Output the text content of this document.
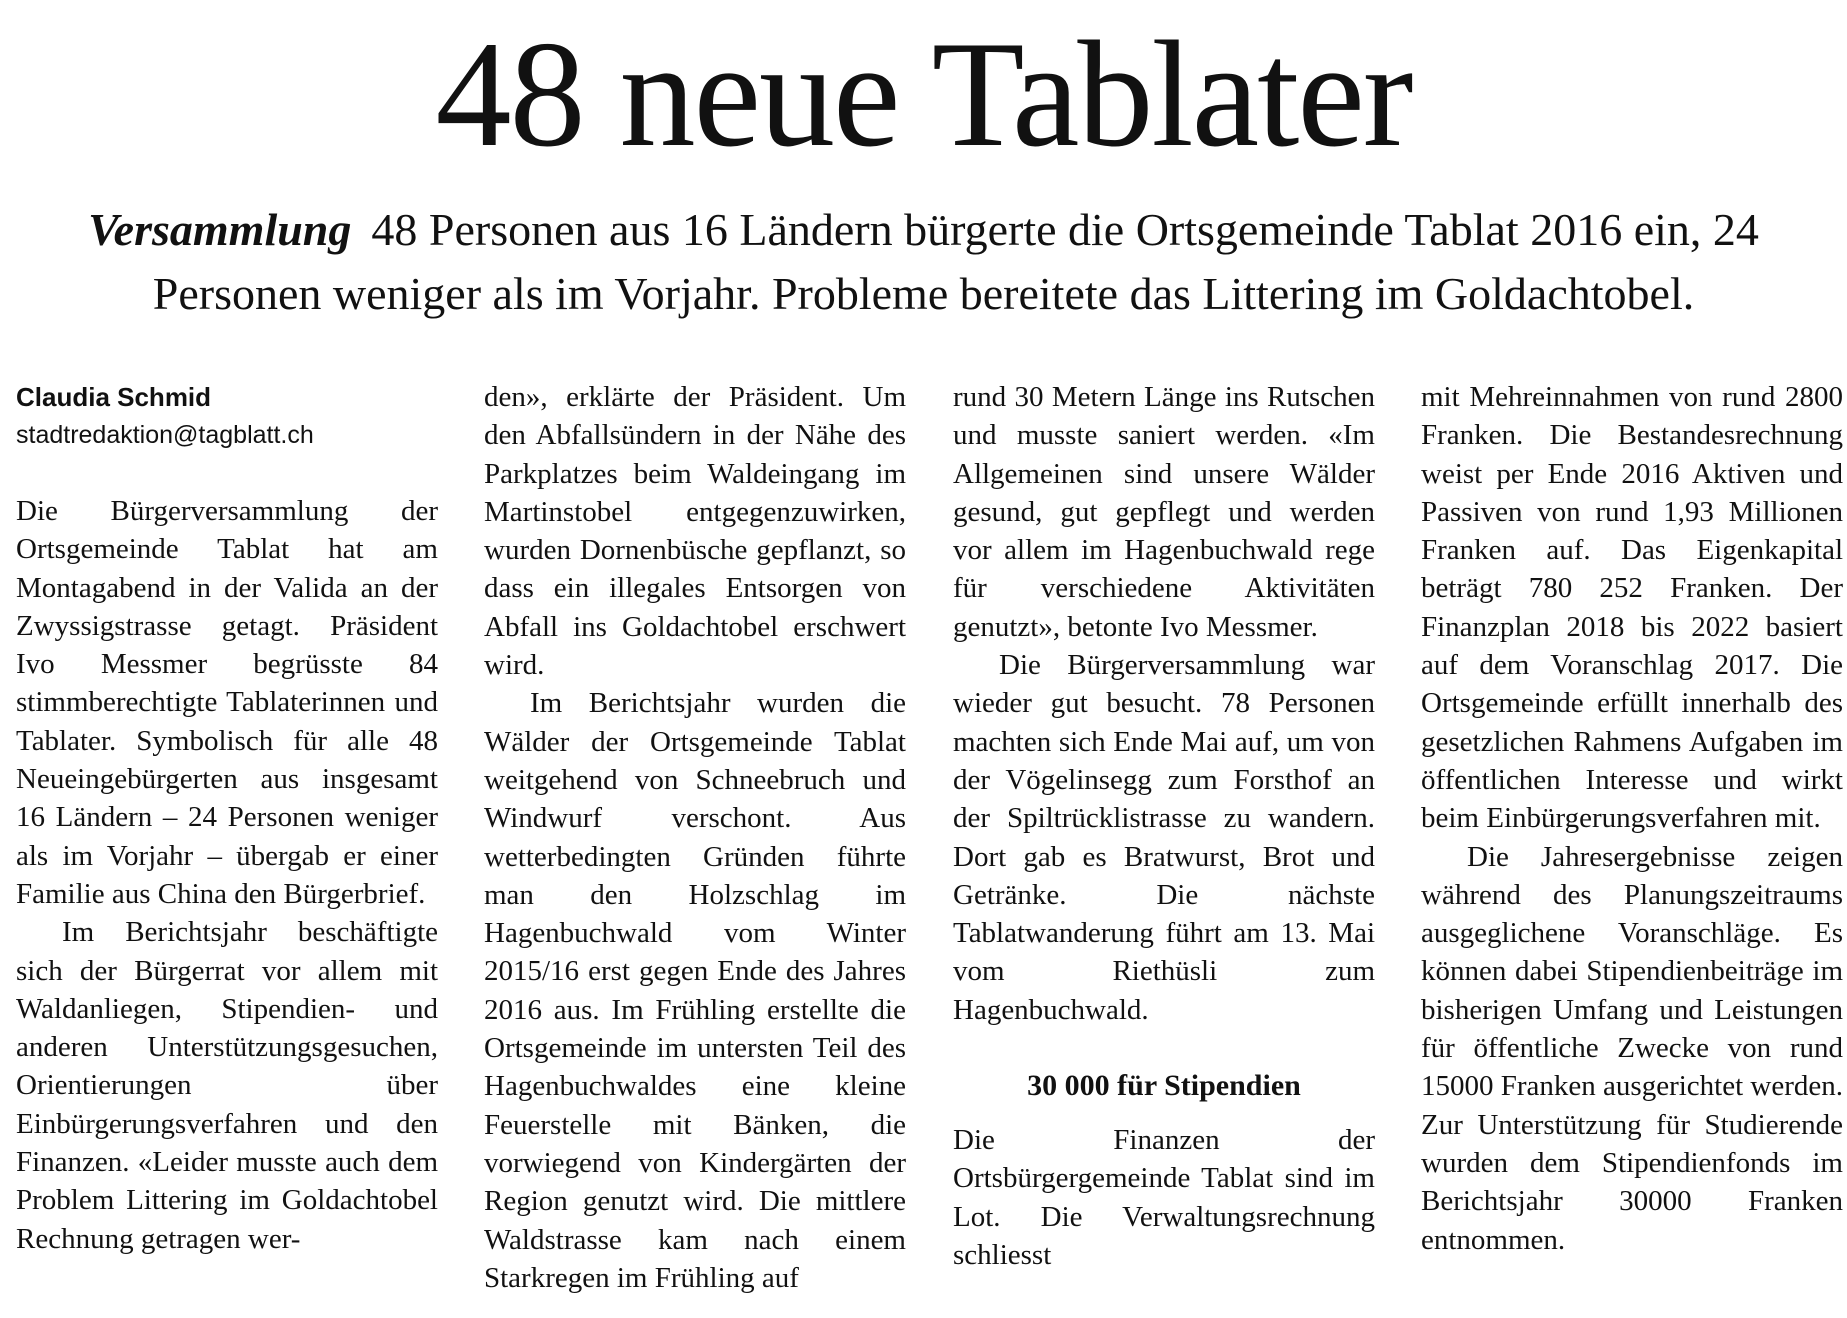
48 neue Tablater

Versammlung 48 Personen aus 16 Ländern bürgerte die Ortsgemeinde Tablat 2016 ein, 24 Personen weniger als im Vorjahr. Probleme bereitete das Littering im Goldachtobel.

Claudia Schmid

stadtredaktion@tagblatt.ch

Die Bürgerversammlung der Ortsgemeinde Tablat hat am Montagabend in der Valida an der Zwyssigstrasse getagt. Präsident Ivo Messmer begrüsste 84 stimmberechtigte Tablaterinnen und Tablater. Symbolisch für alle 48 Neueingebürgerten aus insgesamt 16 Ländern – 24 Personen weniger als im Vorjahr – übergab er einer Familie aus China den Bürgerbrief.

Im Berichtsjahr beschäftigte sich der Bürgerrat vor allem mit Waldanliegen, Stipendien- und anderen Unterstützungsgesuchen, Orientierungen über Einbürgerungsverfahren und den Finanzen. «Leider musste auch dem Problem Littering im Goldachtobel Rechnung getragen wer-

den», erklärte der Präsident. Um den Abfallsündern in der Nähe des Parkplatzes beim Waldeingang im Martinstobel entgegenzuwirken, wurden Dornenbüsche gepflanzt, so dass ein illegales Entsorgen von Abfall ins Goldachtobel erschwert wird.

Im Berichtsjahr wurden die Wälder der Ortsgemeinde Tablat weitgehend von Schneebruch und Windwurf verschont. Aus wetterbedingten Gründen führte man den Holzschlag im Hagenbuchwald vom Winter 2015/16 erst gegen Ende des Jahres 2016 aus. Im Frühling erstellte die Ortsgemeinde im untersten Teil des Hagenbuchwaldes eine kleine Feuerstelle mit Bänken, die vorwiegend von Kindergärten der Region genutzt wird. Die mittlere Waldstrasse kam nach einem Starkregen im Frühling auf

rund 30 Metern Länge ins Rutschen und musste saniert werden. «Im Allgemeinen sind unsere Wälder gesund, gut gepflegt und werden vor allem im Hagenbuchwald rege für verschiedene Aktivitäten genutzt», betonte Ivo Messmer.

Die Bürgerversammlung war wieder gut besucht. 78 Personen machten sich Ende Mai auf, um von der Vögelinsegg zum Forsthof an der Spiltrücklistrasse zu wandern. Dort gab es Bratwurst, Brot und Getränke. Die nächste Tablatwanderung führt am 13. Mai vom Riethüsli zum Hagenbuchwald.

30 000 für Stipendien

Die Finanzen der Ortsbürgergemeinde Tablat sind im Lot. Die Verwaltungsrechnung schliesst

mit Mehreinnahmen von rund 2800 Franken. Die Bestandesrechnung weist per Ende 2016 Aktiven und Passiven von rund 1,93 Millionen Franken auf. Das Eigenkapital beträgt 780 252 Franken. Der Finanzplan 2018 bis 2022 basiert auf dem Voranschlag 2017. Die Ortsgemeinde erfüllt innerhalb des gesetzlichen Rahmens Aufgaben im öffentlichen Interesse und wirkt beim Einbürgerungsverfahren mit.

Die Jahresergebnisse zeigen während des Planungszeitraums ausgeglichene Voranschläge. Es können dabei Stipendienbeiträge im bisherigen Umfang und Leistungen für öffentliche Zwecke von rund 15000 Franken ausgerichtet werden. Zur Unterstützung für Studierende wurden dem Stipendienfonds im Berichtsjahr 30000 Franken entnommen.
